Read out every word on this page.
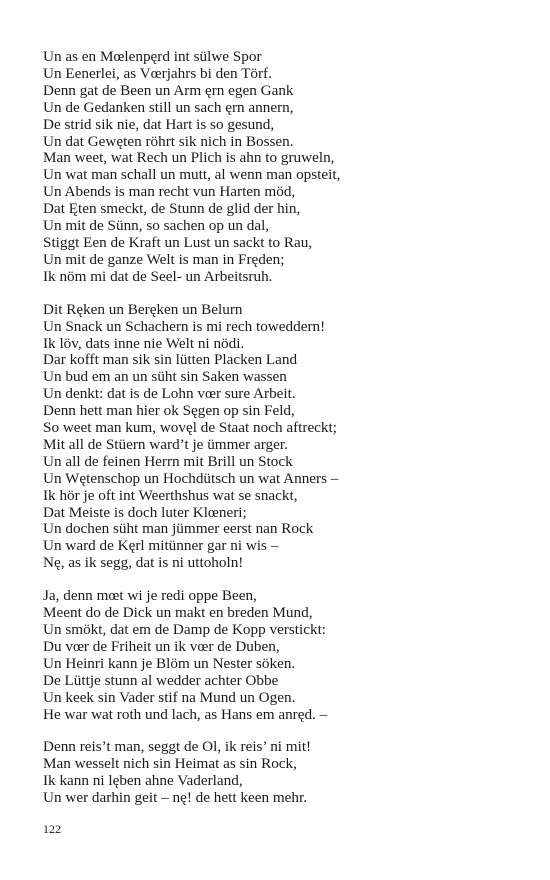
Un as en Mœlenpęrd int sülwe Spor
Un Eenerlei, as Vœrjahrs bi den Törf.
Denn gat de Been un Arm ęrn egen Gank
Un de Gedanken still un sach ęrn annern,
De strid sik nie, dat Hart is so gesund,
Un dat Gewęten röhrt sik nich in Bossen.
Man weet, wat Rech un Plich is ahn to gruweln,
Un wat man schall un mutt, al wenn man opsteit,
Un Abends is man recht vun Harten möd,
Dat Ęten smeckt, de Stunn de glid der hin,
Un mit de Sünn, so sachen op un dal,
Stiggt Een de Kraft un Lust un sackt to Rau,
Un mit de ganze Welt is man in Fręden;
Ik nöm mi dat de Seel- un Arbeitsruh.
Dit Ręken un Beręken un Belurn
Un Snack un Schachern is mi rech toweddern!
Ik löv, dats inne nie Welt ni nödi.
Dar kofft man sik sin lütten Placken Land
Un bud em an un süht sin Saken wassen
Un denkt: dat is de Lohn vœr sure Arbeit.
Denn hett man hier ok Sęgen op sin Feld,
So weet man kum, wovęl de Staat noch aftreckt;
Mit all de Stüern ward’t je ümmer arger.
Un all de feinen Herrn mit Brill un Stock
Un Wętenschop un Hochdütsch un wat Anners –
Ik hör je oft int Weerthshus wat se snackt,
Dat Meiste is doch luter Klœneri;
Un dochen süht man jümmer eerst nan Rock
Un ward de Kęrl mitünner gar ni wis –
Nę, as ik segg, dat is ni uttoholn!
Ja, denn mœt wi je redi oppe Been,
Meent do de Dick un makt en breden Mund,
Un smökt, dat em de Damp de Kopp verstickt:
Du vœr de Friheit un ik vœr de Duben,
Un Heinri kann je Blöm un Nester söken.
De Lüttje stunn al wedder achter Obbe
Un keek sin Vader stif na Mund un Ogen.
He war wat roth und lach, as Hans em anręd. –
Denn reis’t man, seggt de Ol, ik reis’ ni mit!
Man wesselt nich sin Heimat as sin Rock,
Ik kann ni lęben ahne Vaderland,
Un wer darhin geit – nę! de hett keen mehr.
122
